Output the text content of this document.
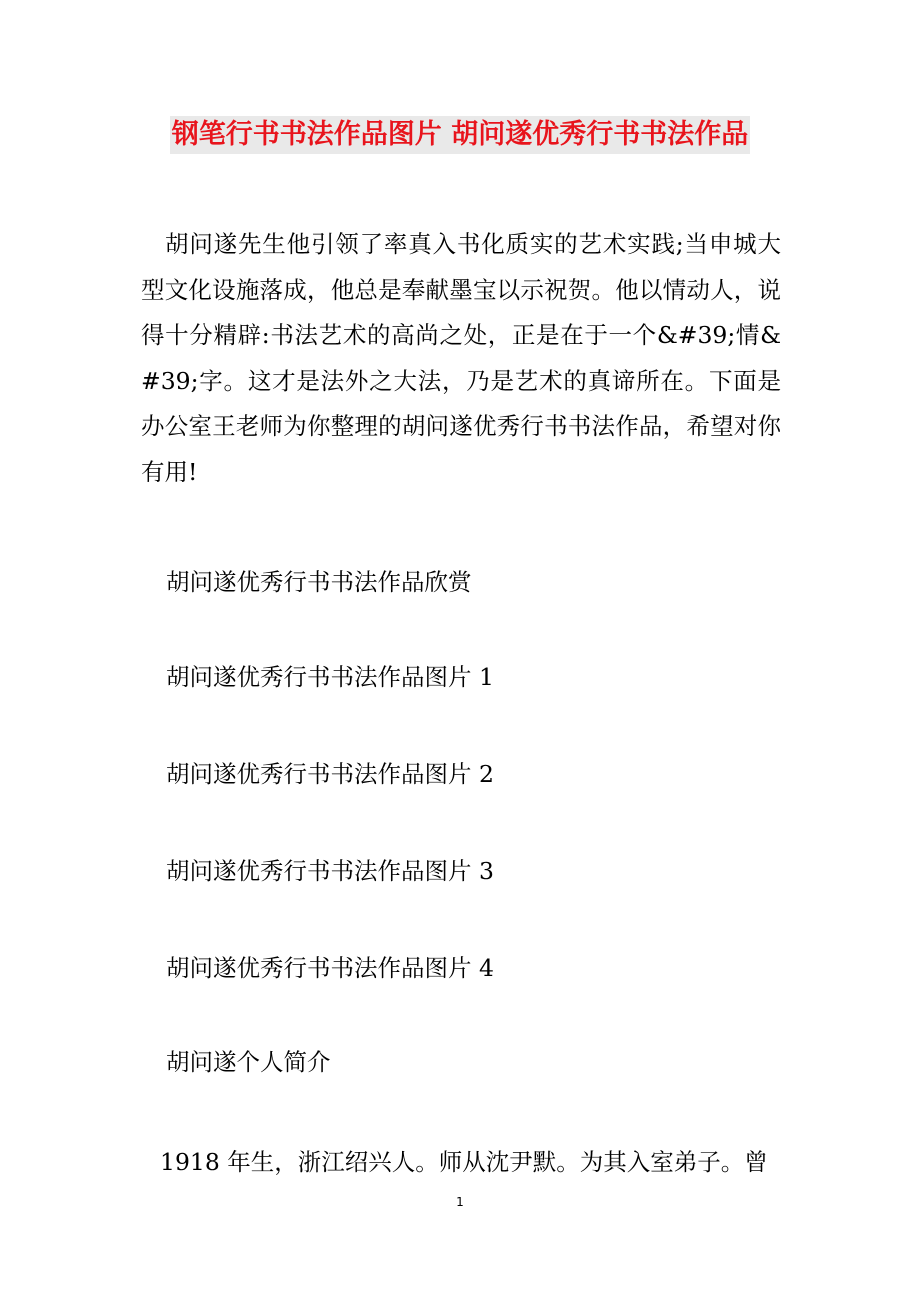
钢笔行书书法作品图片 胡问遂优秀行书书法作品

胡问遂先生他引领了率真入书化质实的艺术实践;当申城大型文化设施落成，他总是奉献墨宝以示祝贺。他以情动人，说得十分精辟:书法艺术的高尚之处，正是在于一个&#39;情&#39;字。这才是法外之大法，乃是艺术的真谛所在。下面是办公室王老师为你整理的胡问遂优秀行书书法作品，希望对你有用!

胡问遂优秀行书书法作品欣赏

胡问遂优秀行书书法作品图片 1

胡问遂优秀行书书法作品图片 2

胡问遂优秀行书书法作品图片 3

胡问遂优秀行书书法作品图片 4

胡问遂个人简介

1918 年生，浙江绍兴人。师从沈尹默。为其入室弟子。曾

1
